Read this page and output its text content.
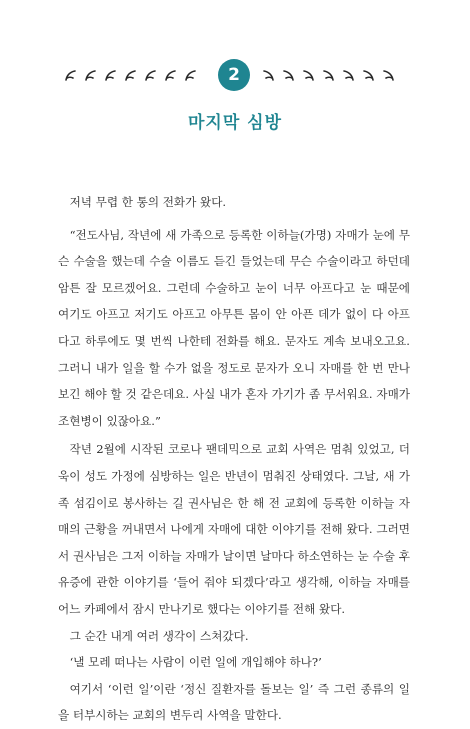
2
마지막 심방

저녁 무렵 한 통의 전화가 왔다.

“전도사님, 작년에 새 가족으로 등록한 이하늘(가명) 자매가 눈에 무슨 수술을 했는데 수술 이름도 듣긴 들었는데 무슨 수술이라고 하던데 암튼 잘 모르겠어요. 그런데 수술하고 눈이 너무 아프다고 눈 때문에 여기도 아프고 저기도 아프고 아무튼 몸이 안 아픈 데가 없이 다 아프다고 하루에도 몇 번씩 나한테 전화를 해요. 문자도 계속 보내오고요. 그러니 내가 일을 할 수가 없을 정도로 문자가 오니 자매를 한 번 만나 보긴 해야 할 것 같은데요. 사실 내가 혼자 가기가 좀 무서워요. 자매가 조현병이 있잖아요.”

작년 2월에 시작된 코로나 팬데믹으로 교회 사역은 멈춰 있었고, 더욱이 성도 가정에 심방하는 일은 반년이 멈춰진 상태였다. 그날, 새 가족 섬김이로 봉사하는 길 권사님은 한 해 전 교회에 등록한 이하늘 자매의 근황을 꺼내면서 나에게 자매에 대한 이야기를 전해 왔다. 그러면서 권사님은 그저 이하늘 자매가 날이면 날마다 하소연하는 눈 수술 후유증에 관한 이야기를 ‘들어 줘야 되겠다’라고 생각해, 이하늘 자매를 어느 카페에서 잠시 만나기로 했다는 이야기를 전해 왔다.

그 순간 내게 여러 생각이 스쳐갔다.

‘낼 모레 떠나는 사람이 이런 일에 개입해야 하나?’

여기서 ‘이런 일’이란 ‘정신 질환자를 돌보는 일’ 즉 그런 종류의 일을 터부시하는 교회의 변두리 사역을 말한다.
